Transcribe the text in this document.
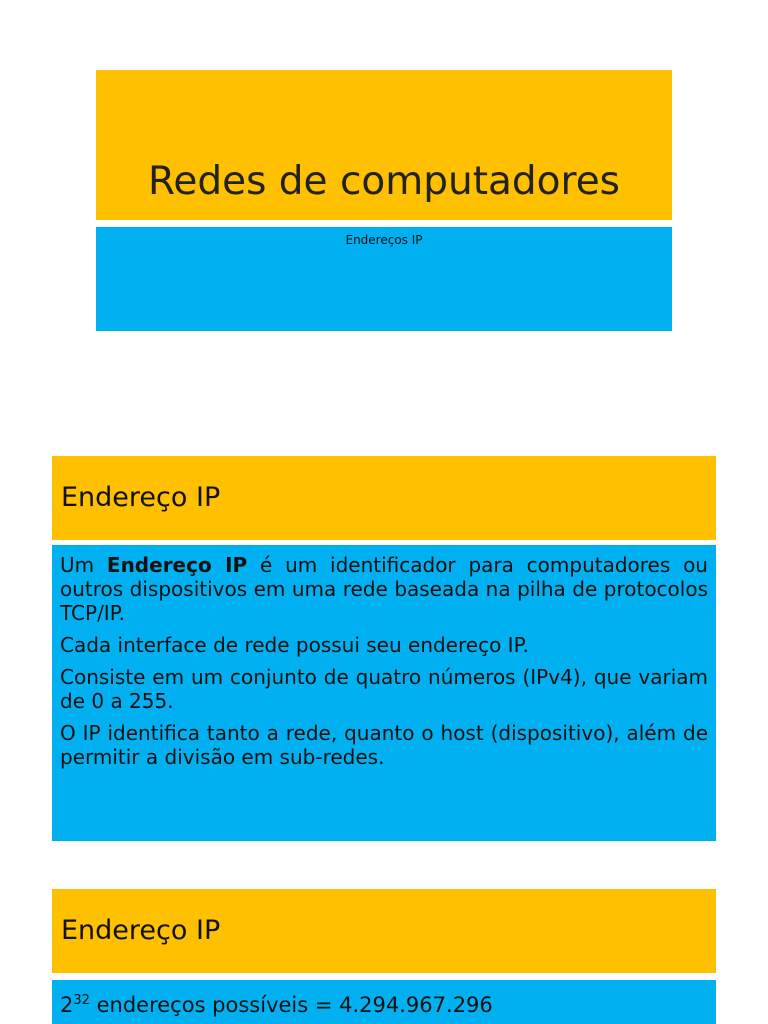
Redes de computadores
Endereços IP
Endereço IP

Um Endereço IP é um identificador para computadores ou outros dispositivos em uma rede baseada na pilha de protocolos TCP/IP.

Cada interface de rede possui seu endereço IP.

Consiste em um conjunto de quatro números (IPv4), que variam de 0 a 255.

O IP identifica tanto a rede, quanto o host (dispositivo), além de permitir a divisão em sub-redes.

Endereço IP
$2^{32}$ endereços possíveis = 4.294.967.296
